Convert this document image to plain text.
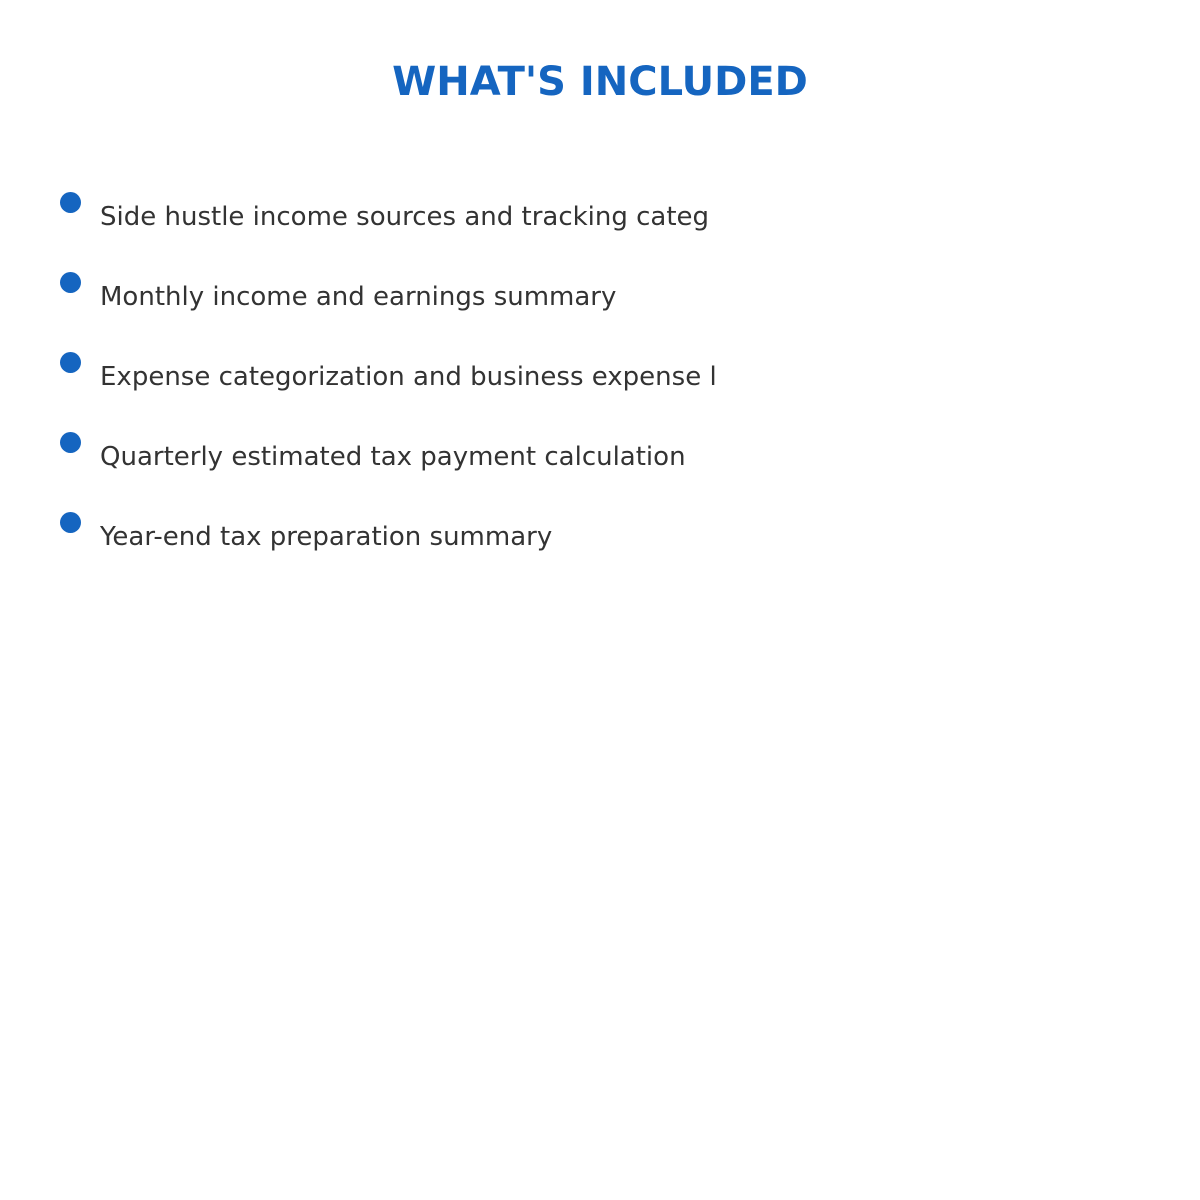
WHAT'S INCLUDED
Side hustle income sources and tracking categ
Monthly income and earnings summary
Expense categorization and business expense l
Quarterly estimated tax payment calculation
Year-end tax preparation summary
